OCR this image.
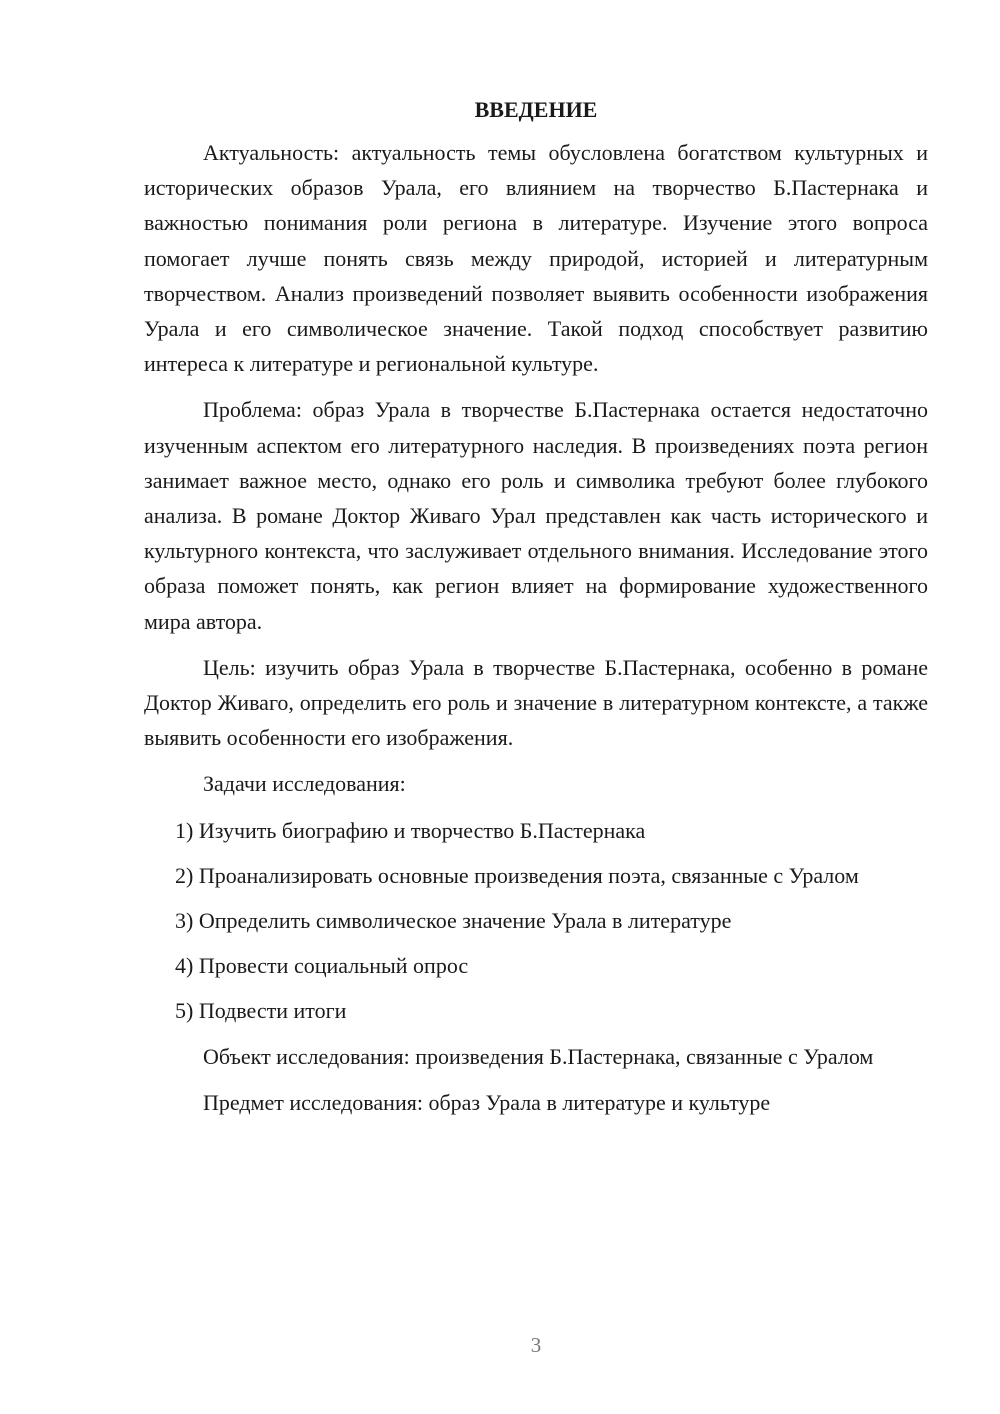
ВВЕДЕНИЕ

Актуальность: актуальность темы обусловлена богатством культурных и исторических образов Урала, его влиянием на творчество Б.Пастернака и важностью понимания роли региона в литературе. Изучение этого вопроса помогает лучше понять связь между природой, историей и литературным творчеством. Анализ произведений позволяет выявить особенности изображения Урала и его символическое значение. Такой подход способствует развитию интереса к литературе и региональной культуре.

Проблема: образ Урала в творчестве Б.Пастернака остается недостаточно изученным аспектом его литературного наследия. В произведениях поэта регион занимает важное место, однако его роль и символика требуют более глубокого анализа. В романе Доктор Живаго Урал представлен как часть исторического и культурного контекста, что заслуживает отдельного внимания. Исследование этого образа поможет понять, как регион влияет на формирование художественного мира автора.

Цель: изучить образ Урала в творчестве Б.Пастернака, особенно в романе Доктор Живаго, определить его роль и значение в литературном контексте, а также выявить особенности его изображения.

Задачи исследования:

1) Изучить биографию и творчество Б.Пастернака

2) Проанализировать основные произведения поэта, связанные с Уралом

3) Определить символическое значение Урала в литературе

4) Провести социальный опрос

5) Подвести итоги

Объект исследования: произведения Б.Пастернака, связанные с Уралом

Предмет исследования: образ Урала в литературе и культуре

3
